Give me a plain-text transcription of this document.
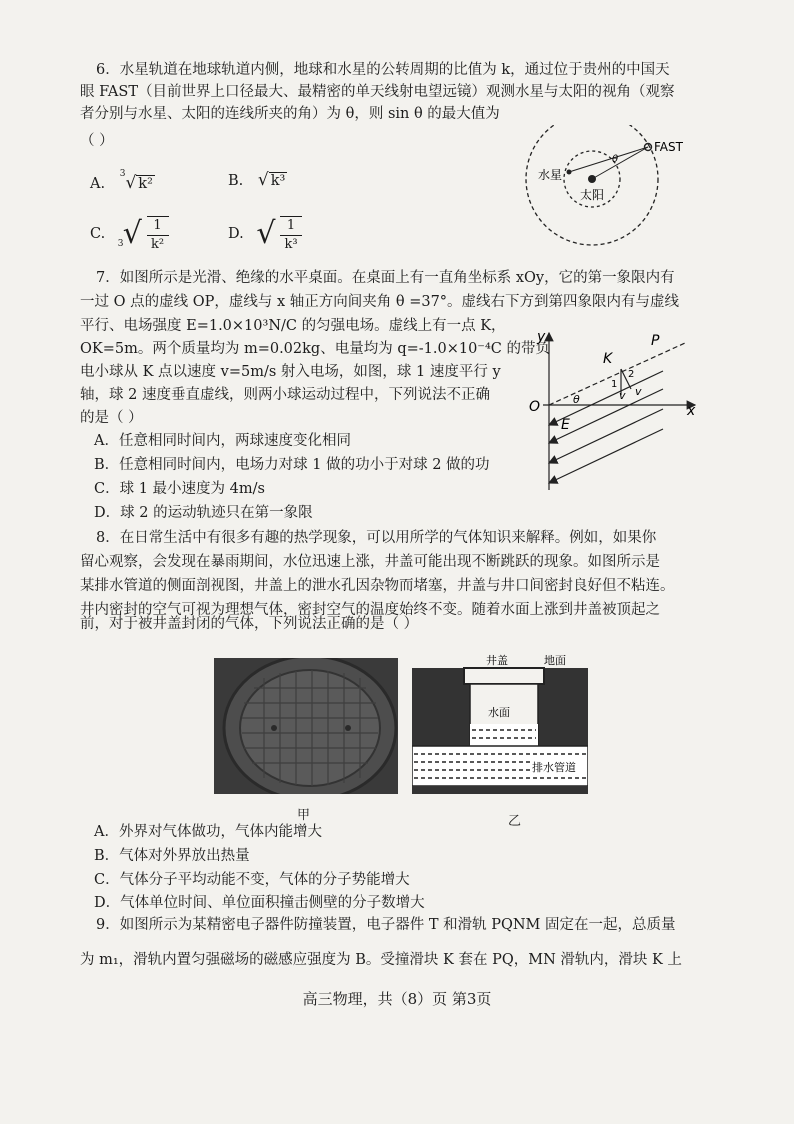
6．水星轨道在地球轨道内侧，地球和水星的公转周期的比值为 k，通过位于贵州的中国天
眼 FAST（目前世界上口径最大、最精密的单天线射电望远镜）观测水星与太阳的视角（观察
者分别与水星、太阳的连线所夹的角）为 θ，则 sin θ 的最大值为
（ ）
A. $^3$√ k²	B. √ k³
C.
3 √ $\frac{1}{\text{k²}}$	D. √ $\frac{1}{\text{k³}}$
FAST
水星
太阳
θ
7．如图所示是光滑、绝缘的水平桌面。在桌面上有一直角坐标系 xOy，它的第一象限内有
一过 O 点的虚线 OP，虚线与 x 轴正方向间夹角 θ =37°。虚线右下方到第四象限内有与虚线
平行、电场强度 E=1.0×10³N/C 的匀强电场。虚线上有一点 K，
OK=5m。两个质量均为 m=0.02kg、电量均为 q=-1.0×10⁻⁴C 的带负
电小球从 K 点以速度 v=5m/s 射入电场，如图，球 1 速度平行 y
轴，球 2 速度垂直虚线，则两小球运动过程中，下列说法不正确
的是（ ）
A．任意相同时间内，两球速度变化相同
B．任意相同时间内，电场力对球 1 做的功小于对球 2 做的功
C．球 1 最小速度为 4m/s
D．球 2 的运动轨迹只在第一象限
y
x
O
P
K
E
θ
1
2
v v
8．在日常生活中有很多有趣的热学现象，可以用所学的气体知识来解释。例如，如果你
留心观察，会发现在暴雨期间，水位迅速上涨，井盖可能出现不断跳跃的现象。如图所示是
某排水管道的侧面剖视图，井盖上的泄水孔因杂物而堵塞，井盖与井口间密封良好但不粘连。
井内密封的空气可视为理想气体，密封空气的温度始终不变。随着水面上涨到井盖被顶起之
前，对于被井盖封闭的气体，下列说法正确的是（ ）
甲
井盖	地面
水面
排水管道
乙
A．外界对气体做功，气体内能增大
B．气体对外界放出热量
C．气体分子平均动能不变，气体的分子势能增大
D．气体单位时间、单位面积撞击侧壁的分子数增大
9．如图所示为某精密电子器件防撞装置，电子器件 T 和滑轨 PQNM 固定在一起，总质量
为 m₁，滑轨内置匀强磁场的磁感应强度为 B。受撞滑块 K 套在 PQ，MN 滑轨内，滑块 K 上
高三物理，共（8）页 第3页
